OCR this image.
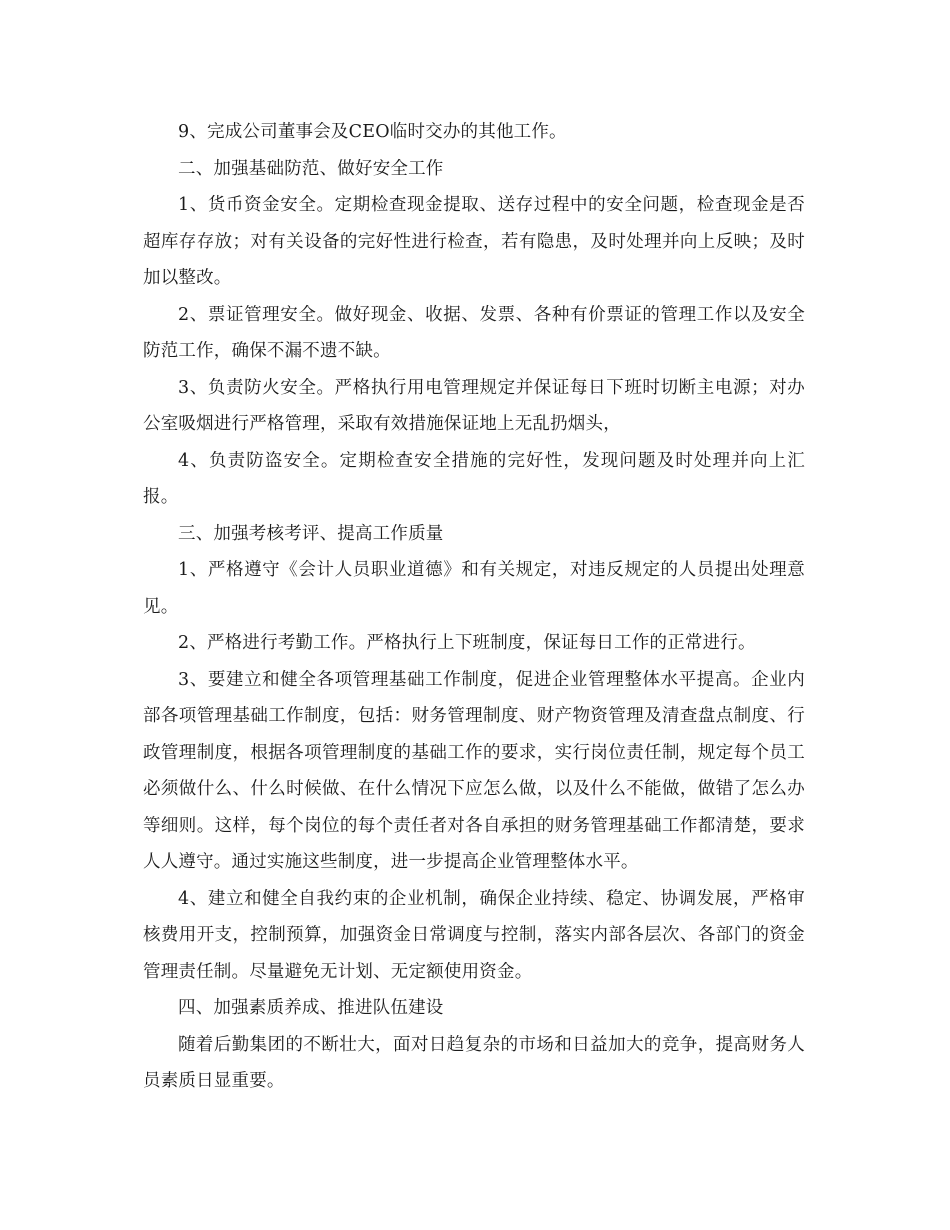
9、完成公司董事会及CEO临时交办的其他工作。

二、加强基础防范、做好安全工作

1、货币资金安全。定期检查现金提取、送存过程中的安全问题，检查现金是否超库存存放；对有关设备的完好性进行检查，若有隐患，及时处理并向上反映；及时加以整改。

2、票证管理安全。做好现金、收据、发票、各种有价票证的管理工作以及安全防范工作，确保不漏不遗不缺。

3、负责防火安全。严格执行用电管理规定并保证每日下班时切断主电源；对办公室吸烟进行严格管理，采取有效措施保证地上无乱扔烟头，

4、负责防盗安全。定期检查安全措施的完好性，发现问题及时处理并向上汇报。

三、加强考核考评、提高工作质量

1、严格遵守《会计人员职业道德》和有关规定，对违反规定的人员提出处理意见。

2、严格进行考勤工作。严格执行上下班制度，保证每日工作的正常进行。

3、要建立和健全各项管理基础工作制度，促进企业管理整体水平提高。企业内部各项管理基础工作制度，包括：财务管理制度、财产物资管理及清查盘点制度、行政管理制度，根据各项管理制度的基础工作的要求，实行岗位责任制，规定每个员工必须做什么、什么时候做、在什么情况下应怎么做，以及什么不能做，做错了怎么办等细则。这样，每个岗位的每个责任者对各自承担的财务管理基础工作都清楚，要求人人遵守。通过实施这些制度，进一步提高企业管理整体水平。

4、建立和健全自我约束的企业机制，确保企业持续、稳定、协调发展，严格审核费用开支，控制预算，加强资金日常调度与控制，落实内部各层次、各部门的资金管理责任制。尽量避免无计划、无定额使用资金。

四、加强素质养成、推进队伍建设

随着后勤集团的不断壮大，面对日趋复杂的市场和日益加大的竞争，提高财务人员素质日显重要。
